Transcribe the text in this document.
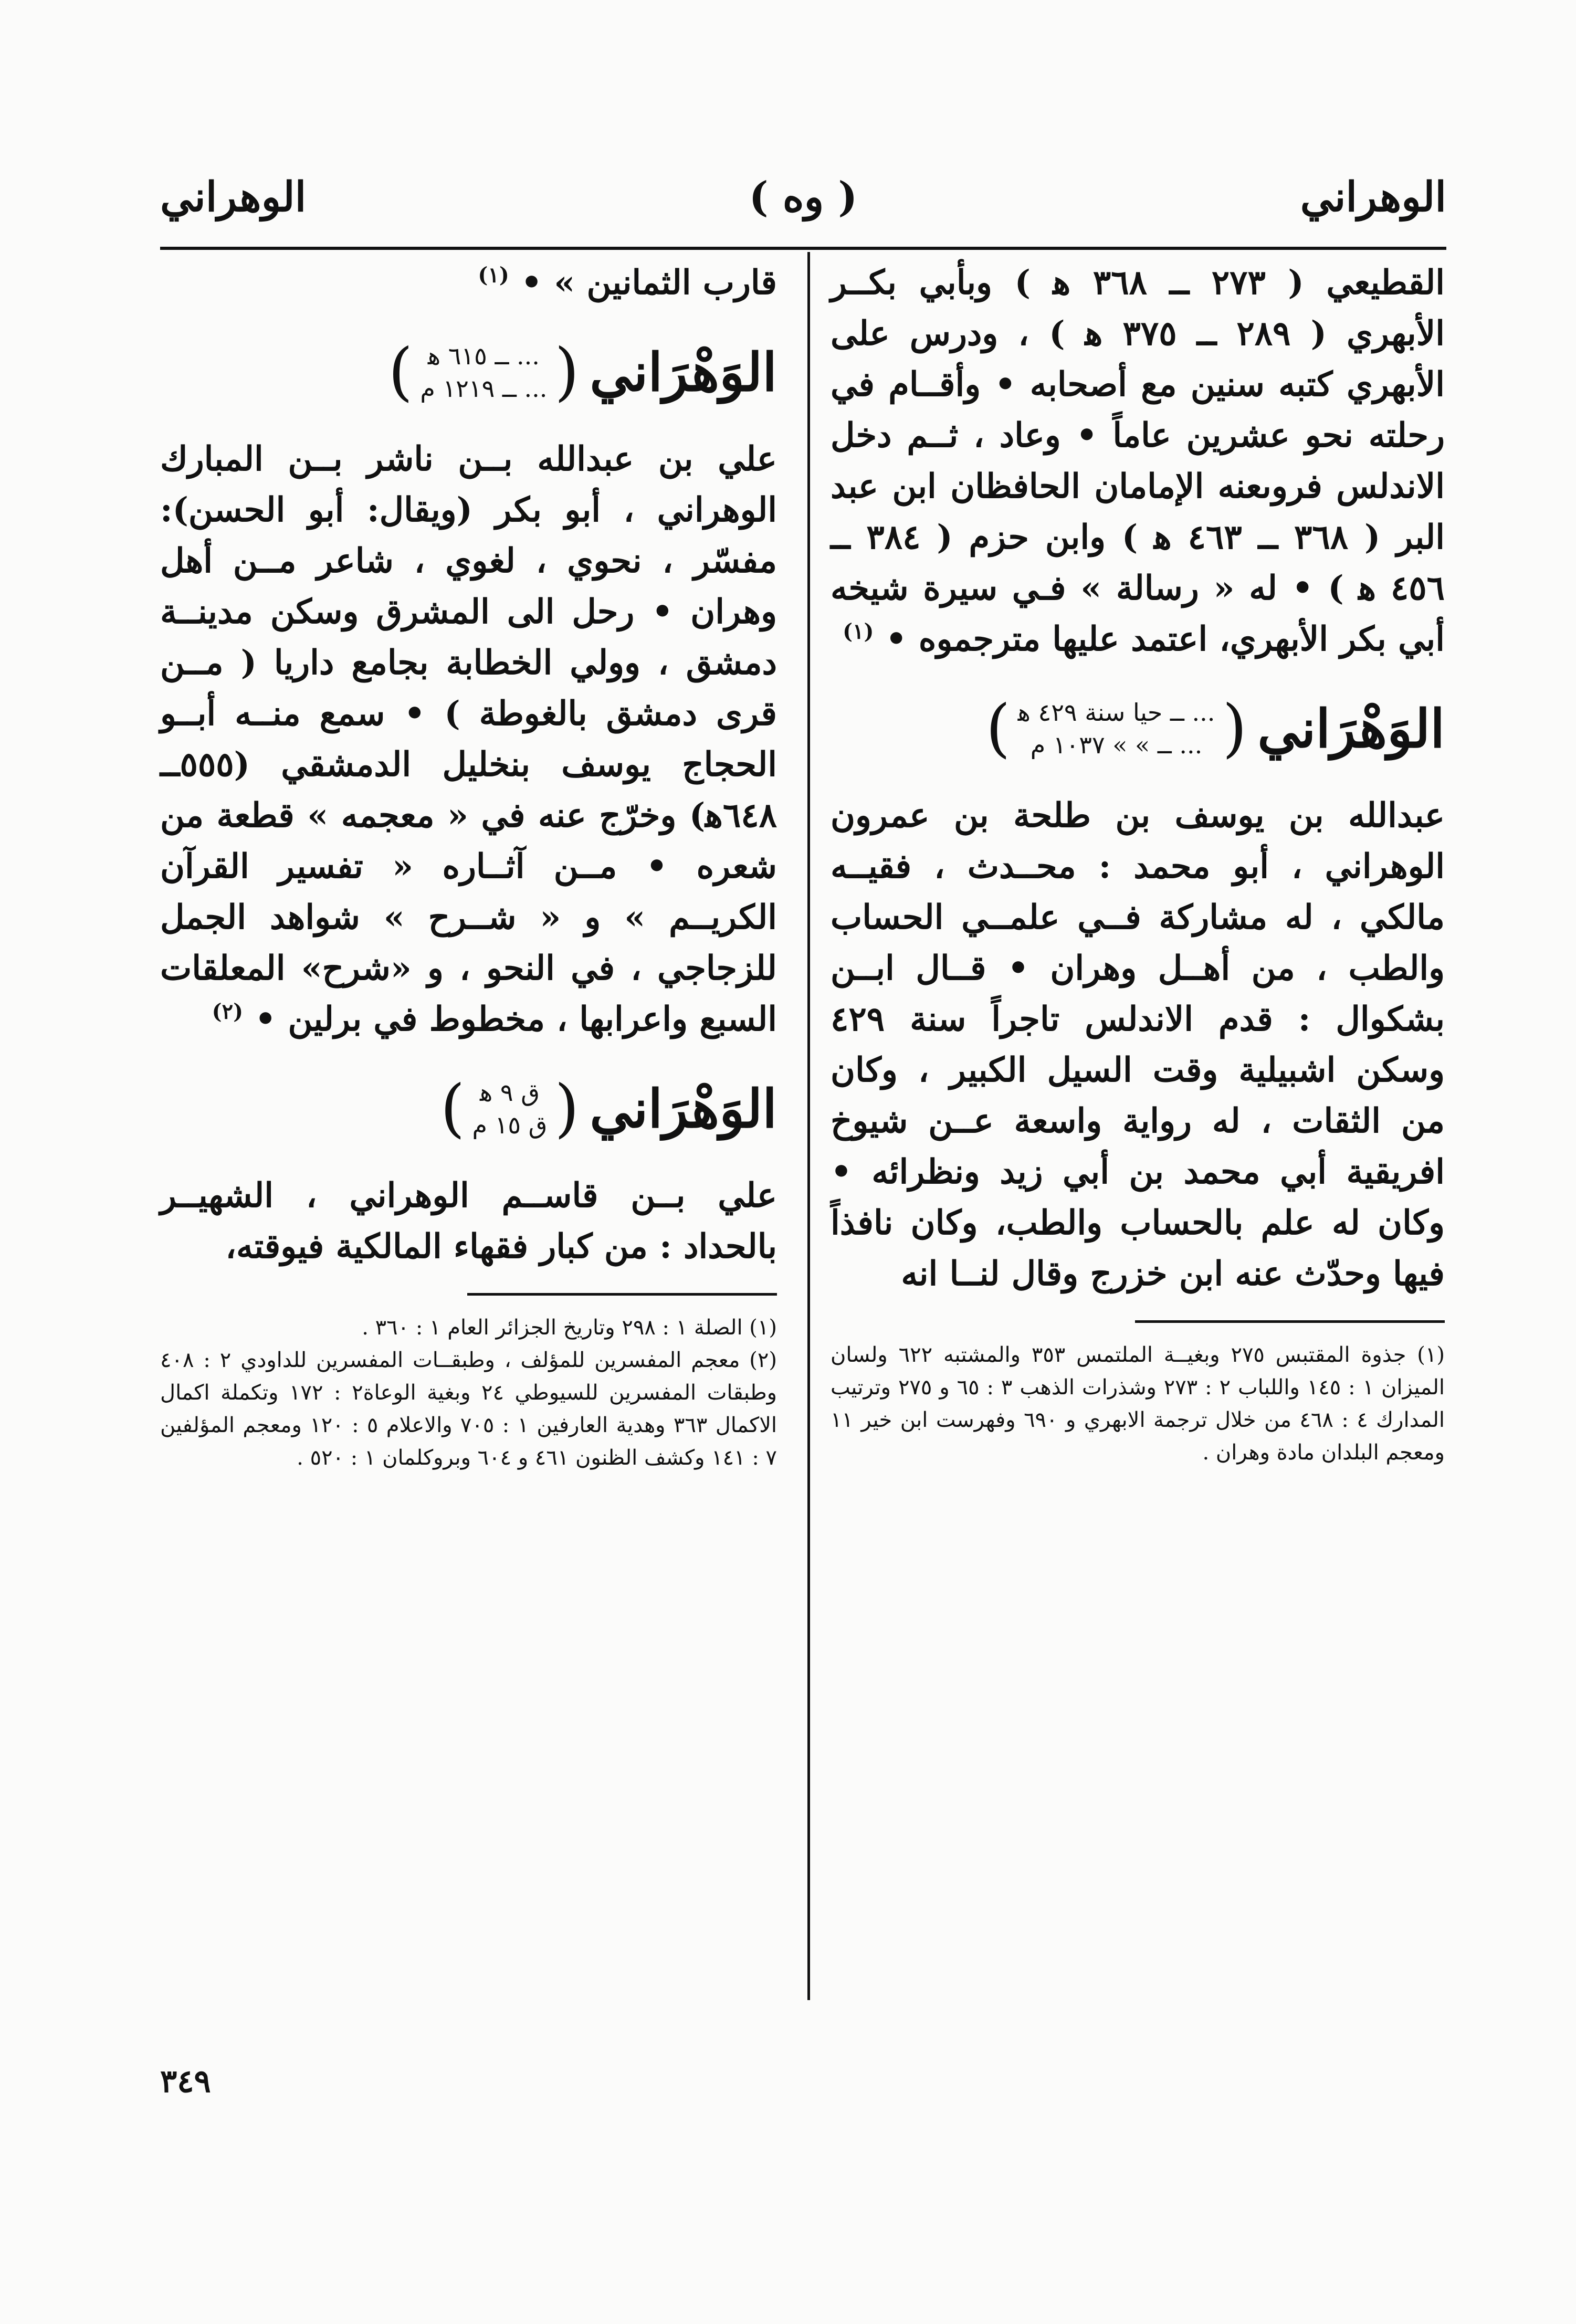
الوهراني
( وه )
الوهراني

القطيعي ( ٢٧٣ ــ ٣٦٨ ﻫ ) وبأبي بكــر الأبهري ( ٢٨٩ ــ ٣٧٥ ﻫ ) ، ودرس على الأبهري كتبه سنين مع أصحابه • وأقــام في رحلته نحو عشرين عاماً • وعاد ، ثــم دخل الاندلس فروىعنه الإمامان الحافظان ابن عبد البر ( ٣٦٨ ــ ٤٦٣ ﻫ ) وابن حزم ( ٣٨٤ ــ ٤٥٦ ﻫ ) • له « رسالة » فـي سيرة شيخه أبي بكر الأبهري، اعتمد عليها مترجموه • $^{(١)}$

الوَهْرَاني
(
... ــ حيا سنة ٤٢٩ ﻫ
... ــ » » ١٠٣٧ م
)

عبدالله بن يوسف بن طلحة بن عمرون الوهراني ، أبو محمد : محــدث ، فقيــه مالكي ، له مشاركة فــي علمــي الحساب والطب ، من أهــل وهران • قــال ابــن بشكوال : قدم الاندلس تاجراً سنة ٤٢٩ وسكن اشبيلية وقت السيل الكبير ، وكان من الثقات ، له رواية واسعة عــن شيوخ افريقية أبي محمد بن أبي زيد ونظرائه • وكان له علم بالحساب والطب، وكان نافذاً فيها وحدّث عنه ابن خزرج وقال لنــا انه

(١) جذوة المقتبس ٢٧٥ وبغيــة الملتمس ٣٥٣ والمشتبه ٦٢٢ ولسان الميزان ١ : ١٤٥ واللباب ٢ : ٢٧٣ وشذرات الذهب ٣ : ٦٥ و ٢٧٥ وترتيب المدارك ٤ : ٤٦٨ من خلال ترجمة الابهري و ٦٩٠ وفهرست ابن خير ١١ ومعجم البلدان مادة وهران .

قارب الثمانين » • $^{(١)}$

الوَهْرَاني
(
... ــ ٦١٥ ﻫ
... ــ ١٢١٩ م
)

علي بن عبدالله بــن ناشر بــن المبارك الوهراني ، أبو بكر (ويقال: أبو الحسن): مفسّر ، نحوي ، لغوي ، شاعر مــن أهل وهران • رحل الى المشرق وسكن مدينــة دمشق ، وولي الخطابة بجامع داريا ( مــن قرى دمشق بالغوطة ) • سمع منــه أبــو الحجاج يوسف بنخليل الدمشقي (٥٥٥ــ ٦٤٨ﻫ) وخرّج عنه في « معجمه » قطعة من شعره • مــن آثــاره « تفسير القرآن الكريــم » و « شــرح » شواهد الجمل للزجاجي ، في النحو ، و «شرح» المعلقات السبع واعرابها ، مخطوط في برلين • $^{(٢)}$

الوَهْرَاني
(
ق ٩ ﻫ
ق ١٥ م
)

علي بــن قاســم الوهراني ، الشهيــر بالحداد : من كبار فقهاء المالكية فيوقته،

(١) الصلة ١ : ٢٩٨ وتاريخ الجزائر العام ١ : ٣٦٠ .

(٢) معجم المفسرين للمؤلف ، وطبقــات المفسرين للداودي ٢ : ٤٠٨ وطبقات المفسرين للسيوطي ٢٤ وبغية الوعاة٢ : ١٧٢ وتكملة اكمال الاكمال ٣٦٣ وهدية العارفين ١ : ٧٠٥ والاعلام ٥ : ١٢٠ ومعجم المؤلفين ٧ : ١٤١ وكشف الظنون ٤٦١ و ٦٠٤ وبروكلمان ١ : ٥٢٠ .

٣٤٩
